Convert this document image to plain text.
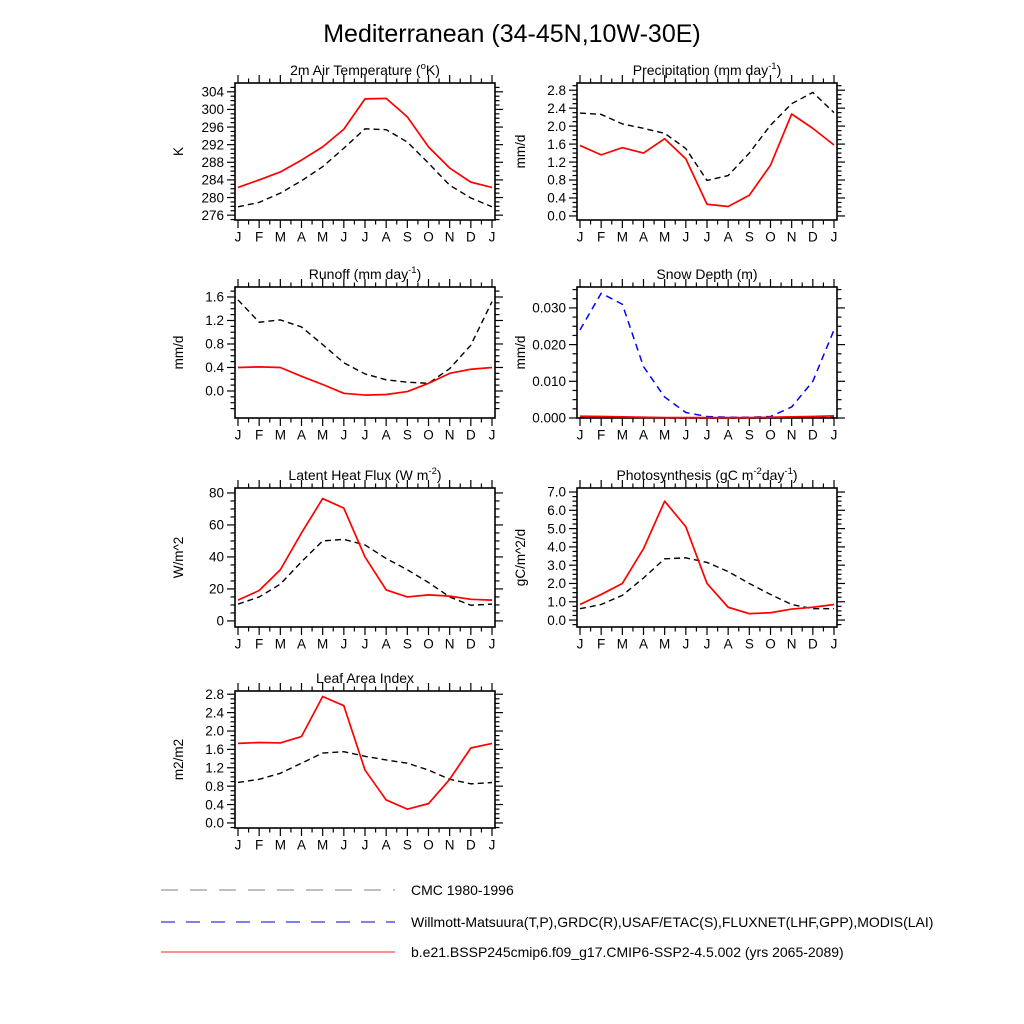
Mediterranean (34-45N,10W-30E)
276
280
284
288
292
296
300
304
J F M A M J J A S O N D J
K
2m Air Temperature ($^o$K)
0.0
0.4
0.8
1.2
1.6
2.0
2.4
2.8
J F M A M J J A S O N D J
mm/d
Precipitation (mm day$^{-1}$)
0.0
0.4
0.8
1.2
1.6
J F M A M J J A S O N D J
mm/d
Runoff (mm day$^{-1}$)
0.000
0.010
0.020
0.030
J F M A M J J A S O N D J
mm/d
Snow Depth (m)
0
20
40
60
80
J F M A M J J A S O N D J
W/m^2
Latent Heat Flux (W $m^{-2}$)
0.0
1.0
2.0
3.0
4.0
5.0
6.0
7.0
J F M A M J J A S O N D J
gC/m^2/d
Photosynthesis (gC $m^{-2}day^{-1}$)
0.0
0.4
0.8
1.2
1.6
2.0
2.4
2.8
J F M A M J J A S O N D J
m2/m2
Leaf Area Index
CMC 1980-1996
Willmott-Matsuura(T,P),GRDC(R),USAF/ETAC(S),FLUXNET(LHF,GPP),MODIS(LAI)
b.e21.BSSP245cmip6.f09_g17.CMIP6-SSP2-4.5.002 (yrs 2065-2089)
